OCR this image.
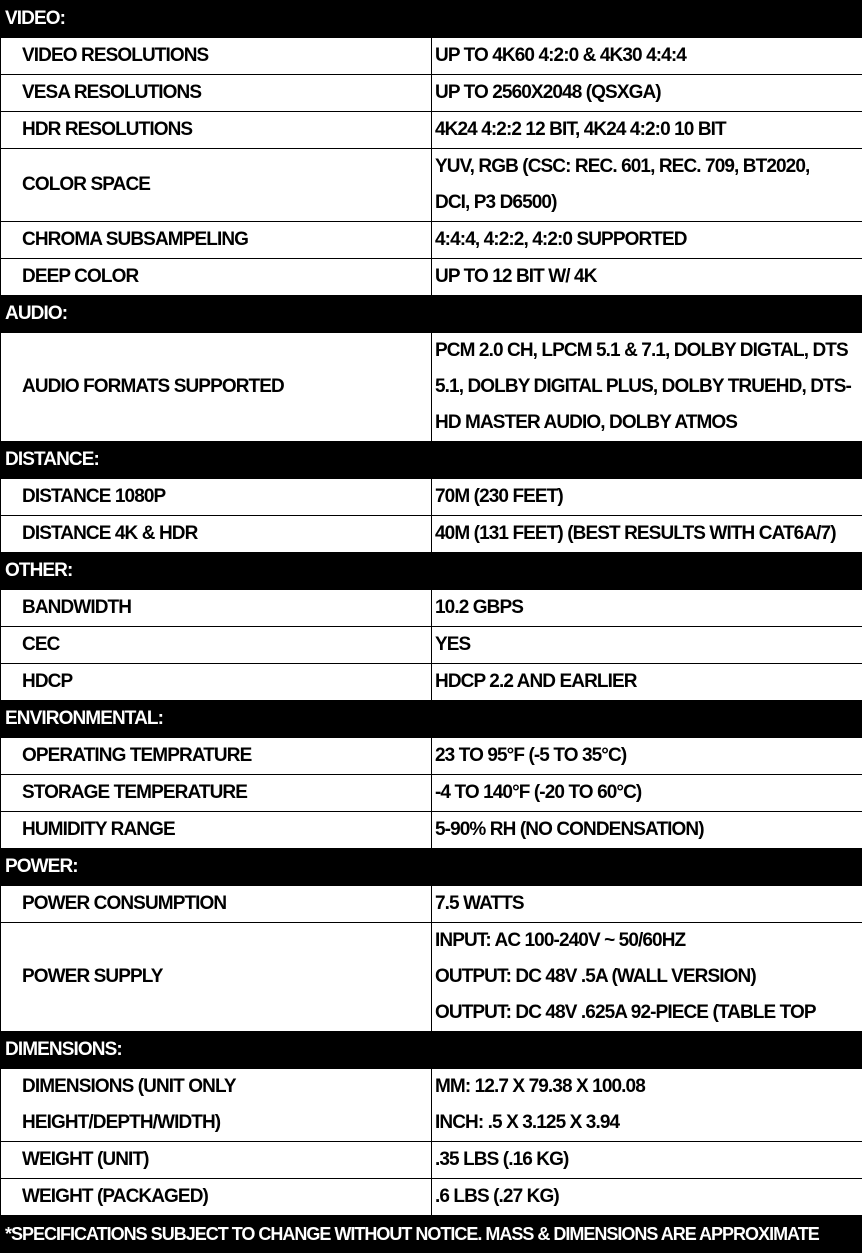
VIDEO:	

VIDEO RESOLUTIONS	UP TO 4K60 4:2:0 & 4K30 4:4:4

VESA RESOLUTIONS	UP TO 2560X2048 (QSXGA)

HDR RESOLUTIONS	4K24 4:2:2 12 BIT, 4K24 4:2:0 10 BIT

COLOR SPACE	YUV, RGB (CSC: REC. 601, REC. 709, BT2020,
DCI, P3 D6500)

CHROMA SUBSAMPELING	4:4:4, 4:2:2, 4:2:0 SUPPORTED

DEEP COLOR	UP TO 12 BIT W/ 4K

AUDIO:	

AUDIO FORMATS SUPPORTED	PCM 2.0 CH, LPCM 5.1 & 7.1, DOLBY DIGTAL, DTS
5.1, DOLBY DIGITAL PLUS, DOLBY TRUEHD, DTS-
HD MASTER AUDIO, DOLBY ATMOS

DISTANCE:	

DISTANCE 1080P	70M (230 FEET)

DISTANCE 4K & HDR	40M (131 FEET) (BEST RESULTS WITH CAT6A/7)

OTHER:	

BANDWIDTH	10.2 GBPS

CEC	YES

HDCP	HDCP 2.2 AND EARLIER

ENVIRONMENTAL:	

OPERATING TEMPRATURE	23 TO 95°F (-5 TO 35°C)

STORAGE TEMPERATURE	-4 TO 140°F (-20 TO 60°C)

HUMIDITY RANGE	5-90% RH (NO CONDENSATION)

POWER:	

POWER CONSUMPTION	7.5 WATTS

POWER SUPPLY	INPUT: AC 100-240V ~ 50/60HZ
OUTPUT: DC 48V .5A (WALL VERSION)
OUTPUT: DC 48V .625A 92-PIECE (TABLE TOP

DIMENSIONS:	

DIMENSIONS (UNIT ONLY
HEIGHT/DEPTH/WIDTH)	MM: 12.7 X 79.38 X 100.08
INCH: .5 X 3.125 X 3.94

WEIGHT (UNIT)	.35 LBS (.16 KG)

WEIGHT (PACKAGED)	.6 LBS (.27 KG)

*SPECIFICATIONS SUBJECT TO CHANGE WITHOUT NOTICE. MASS & DIMENSIONS ARE APPROXIMATE	
